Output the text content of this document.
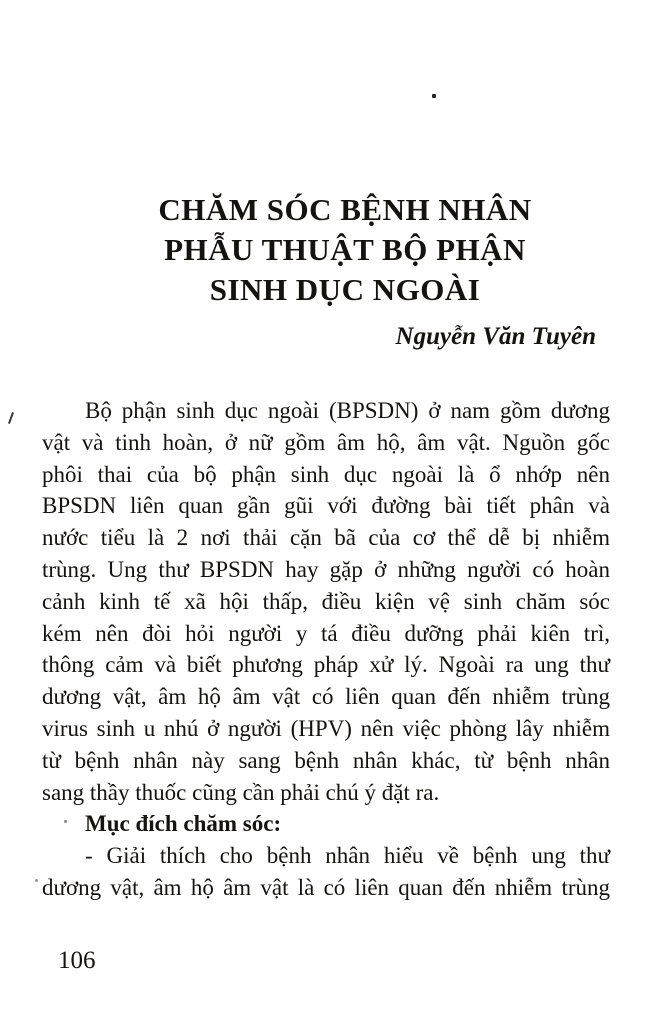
CHĂM SÓC BỆNH NHÂN
PHẪU THUẬT BỘ PHẬN
SINH DỤC NGOÀI
Nguyễn Văn Tuyên
Bộ phận sinh dục ngoài (BPSDN) ở nam gồm dương
vật và tinh hoàn, ở nữ gồm âm hộ, âm vật. Nguồn gốc
phôi thai của bộ phận sinh dục ngoài là ổ nhớp nên
BPSDN liên quan gần gũi với đường bài tiết phân và
nước tiểu là 2 nơi thải cặn bã của cơ thể dễ bị nhiễm
trùng. Ung thư BPSDN hay gặp ở những người có hoàn
cảnh kinh tế xã hội thấp, điều kiện vệ sinh chăm sóc
kém nên đòi hỏi người y tá điều dưỡng phải kiên trì,
thông cảm và biết phương pháp xử lý. Ngoài ra ung thư
dương vật, âm hộ âm vật có liên quan đến nhiễm trùng
virus sinh u nhú ở người (HPV) nên việc phòng lây nhiễm
từ bệnh nhân này sang bệnh nhân khác, từ bệnh nhân
sang thầy thuốc cũng cần phải chú ý đặt ra.
Mục đích chăm sóc:
- Giải thích cho bệnh nhân hiểu về bệnh ung thư
dương vật, âm hộ âm vật là có liên quan đến nhiễm trùng
106
